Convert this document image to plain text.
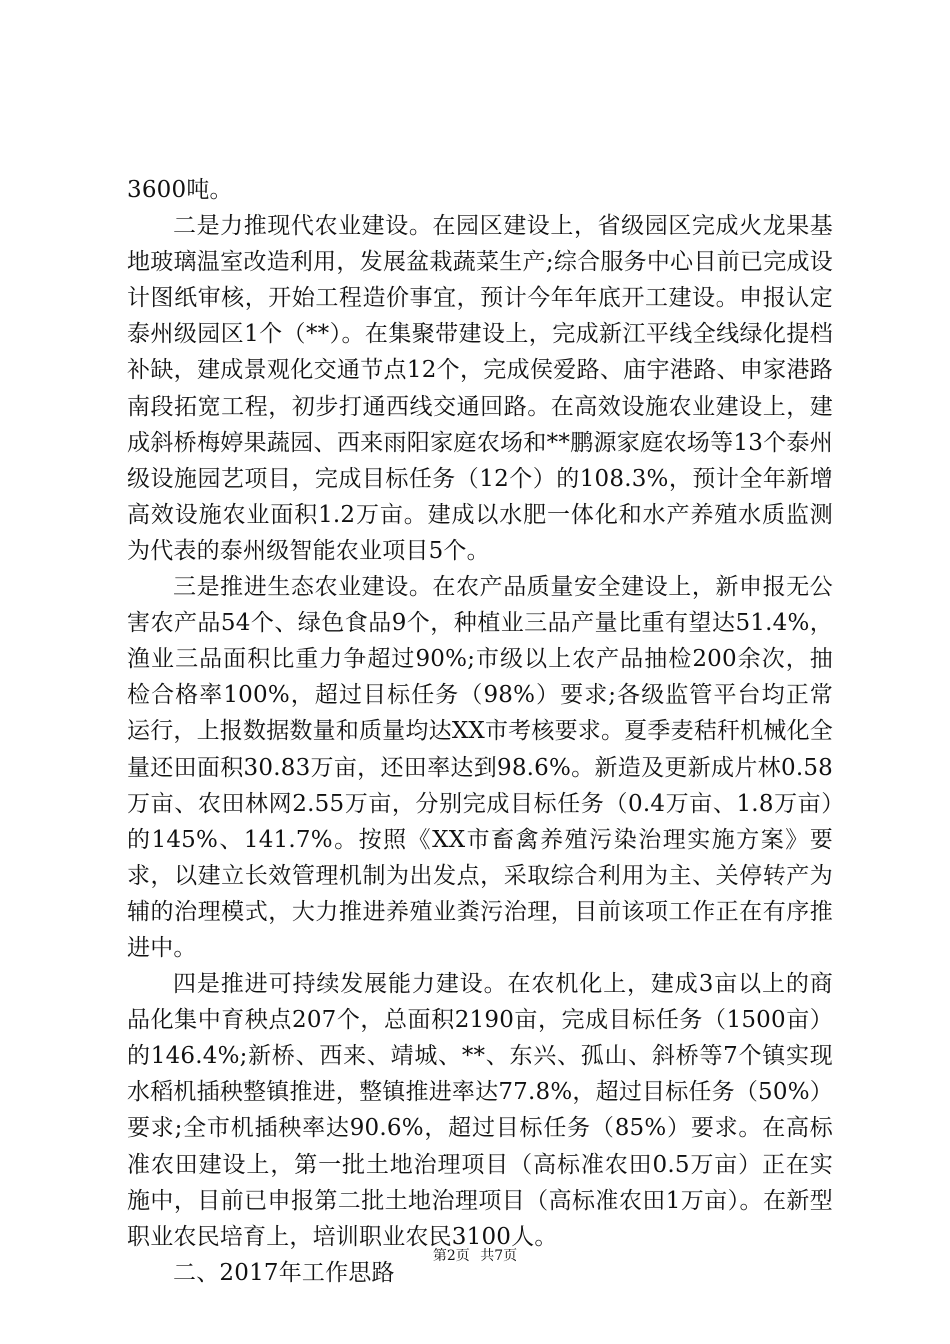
3600吨。

二是力推现代农业建设。在园区建设上，省级园区完成火龙果基地玻璃温室改造利用，发展盆栽蔬菜生产;综合服务中心目前已完成设计图纸审核，开始工程造价事宜，预计今年年底开工建设。申报认定泰州级园区1个（**）。在集聚带建设上，完成新江平线全线绿化提档补缺，建成景观化交通节点12个，完成侯爱路、庙宇港路、申家港路南段拓宽工程，初步打通西线交通回路。在高效设施农业建设上，建成斜桥梅婷果蔬园、西来雨阳家庭农场和**鹏源家庭农场等13个泰州级设施园艺项目，完成目标任务（12个）的108.3%，预计全年新增高效设施农业面积1.2万亩。建成以水肥一体化和水产养殖水质监测为代表的泰州级智能农业项目5个。

三是推进生态农业建设。在农产品质量安全建设上，新申报无公害农产品54个、绿色食品9个，种植业三品产量比重有望达51.4%，渔业三品面积比重力争超过90%;市级以上农产品抽检200余次，抽检合格率100%，超过目标任务（98%）要求;各级监管平台均正常运行，上报数据数量和质量均达XX市考核要求。夏季麦秸秆机械化全量还田面积30.83万亩，还田率达到98.6%。新造及更新成片林0.58万亩、农田林网2.55万亩，分别完成目标任务（0.4万亩、1.8万亩）的145%、141.7%。按照《XX市畜禽养殖污染治理实施方案》要求，以建立长效管理机制为出发点，采取综合利用为主、关停转产为辅的治理模式，大力推进养殖业粪污治理，目前该项工作正在有序推进中。

四是推进可持续发展能力建设。在农机化上，建成3亩以上的商品化集中育秧点207个，总面积2190亩，完成目标任务（1500亩）的146.4%;新桥、西来、靖城、**、东兴、孤山、斜桥等7个镇实现水稻机插秧整镇推进，整镇推进率达77.8%，超过目标任务（50%）要求;全市机插秧率达90.6%，超过目标任务（85%）要求。在高标准农田建设上，第一批土地治理项目（高标准农田0.5万亩）正在实施中，目前已申报第二批土地治理项目（高标准农田1万亩）。在新型职业农民培育上，培训职业农民3100人。

二、2017年工作思路

第2页 共7页
